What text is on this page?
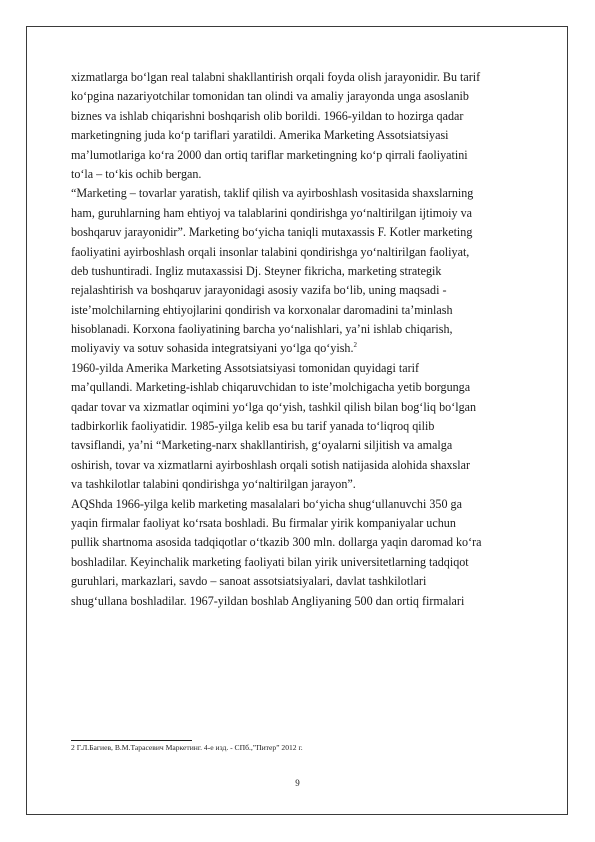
xizmatlarga bo‘lgan real talabni shakllantirish orqali foyda olish jarayonidir. Bu tarif
ko‘pgina nazariyotchilar tomonidan tan olindi va amaliy jarayonda unga asoslanib
biznes va ishlab chiqarishni boshqarish olib borildi. 1966-yildan to hozirga qadar
marketingning juda ko‘p tariflari yaratildi. Amerika Marketing Assotsiatsiyasi
ma’lumotlariga ko‘ra 2000 dan ortiq tariflar marketingning ko‘p qirrali faoliyatini
to‘la – to‘kis ochib bergan.
“Marketing – tovarlar yaratish, taklif qilish va ayirboshlash vositasida shaxslarning
ham, guruhlarning ham ehtiyoj va talablarini qondirishga yo‘naltirilgan ijtimoiy va
boshqaruv jarayonidir”. Marketing bo‘yicha taniqli mutaxassis F. Kotler marketing
faoliyatini ayirboshlash orqali insonlar talabini qondirishga yo‘naltirilgan faoliyat,
deb tushuntiradi. Ingliz mutaxassisi Dj. Steyner fikricha, marketing strategik
rejalashtirish va boshqaruv jarayonidagi asosiy vazifa bo‘lib, uning maqsadi -
iste’molchilarning ehtiyojlarini qondirish va korxonalar daromadini ta’minlash
hisoblanadi. Korxona faoliyatining barcha yo‘nalishlari, ya’ni ishlab chiqarish,
moliyaviy va sotuv sohasida integratsiyani yo‘lga qo‘yish.$^2$
1960-yilda Amerika Marketing Assotsiatsiyasi tomonidan quyidagi tarif
ma’qullandi. Marketing-ishlab chiqaruvchidan to iste’molchigacha yetib borgunga
qadar tovar va xizmatlar oqimini yo‘lga qo‘yish, tashkil qilish bilan bog‘liq bo‘lgan
tadbirkorlik faoliyatidir. 1985-yilga kelib esa bu tarif yanada to‘liqroq qilib
tavsiflandi, ya’ni “Marketing-narx shakllantirish, g‘oyalarni siljitish va amalga
oshirish, tovar va xizmatlarni ayirboshlash orqali sotish natijasida alohida shaxslar
va tashkilotlar talabini qondirishga yo‘naltirilgan jarayon”.
AQShda 1966-yilga kelib marketing masalalari bo‘yicha shug‘ullanuvchi 350 ga
yaqin firmalar faoliyat ko‘rsata boshladi. Bu firmalar yirik kompaniyalar uchun
pullik shartnoma asosida tadqiqotlar o‘tkazib 300 mln. dollarga yaqin daromad ko‘ra
boshladilar. Keyinchalik marketing faoliyati bilan yirik universitetlarning tadqiqot
guruhlari, markazlari, savdo – sanoat assotsiatsiyalari, davlat tashkilotlari
shug‘ullana boshladilar. 1967-yildan boshlab Angliyaning 500 dan ortiq firmalari
2 Г.Л.Багиев, В.М.Тарасевич Маркетинг. 4-е изд. - СПб.,”Питер” 2012 г.
9
